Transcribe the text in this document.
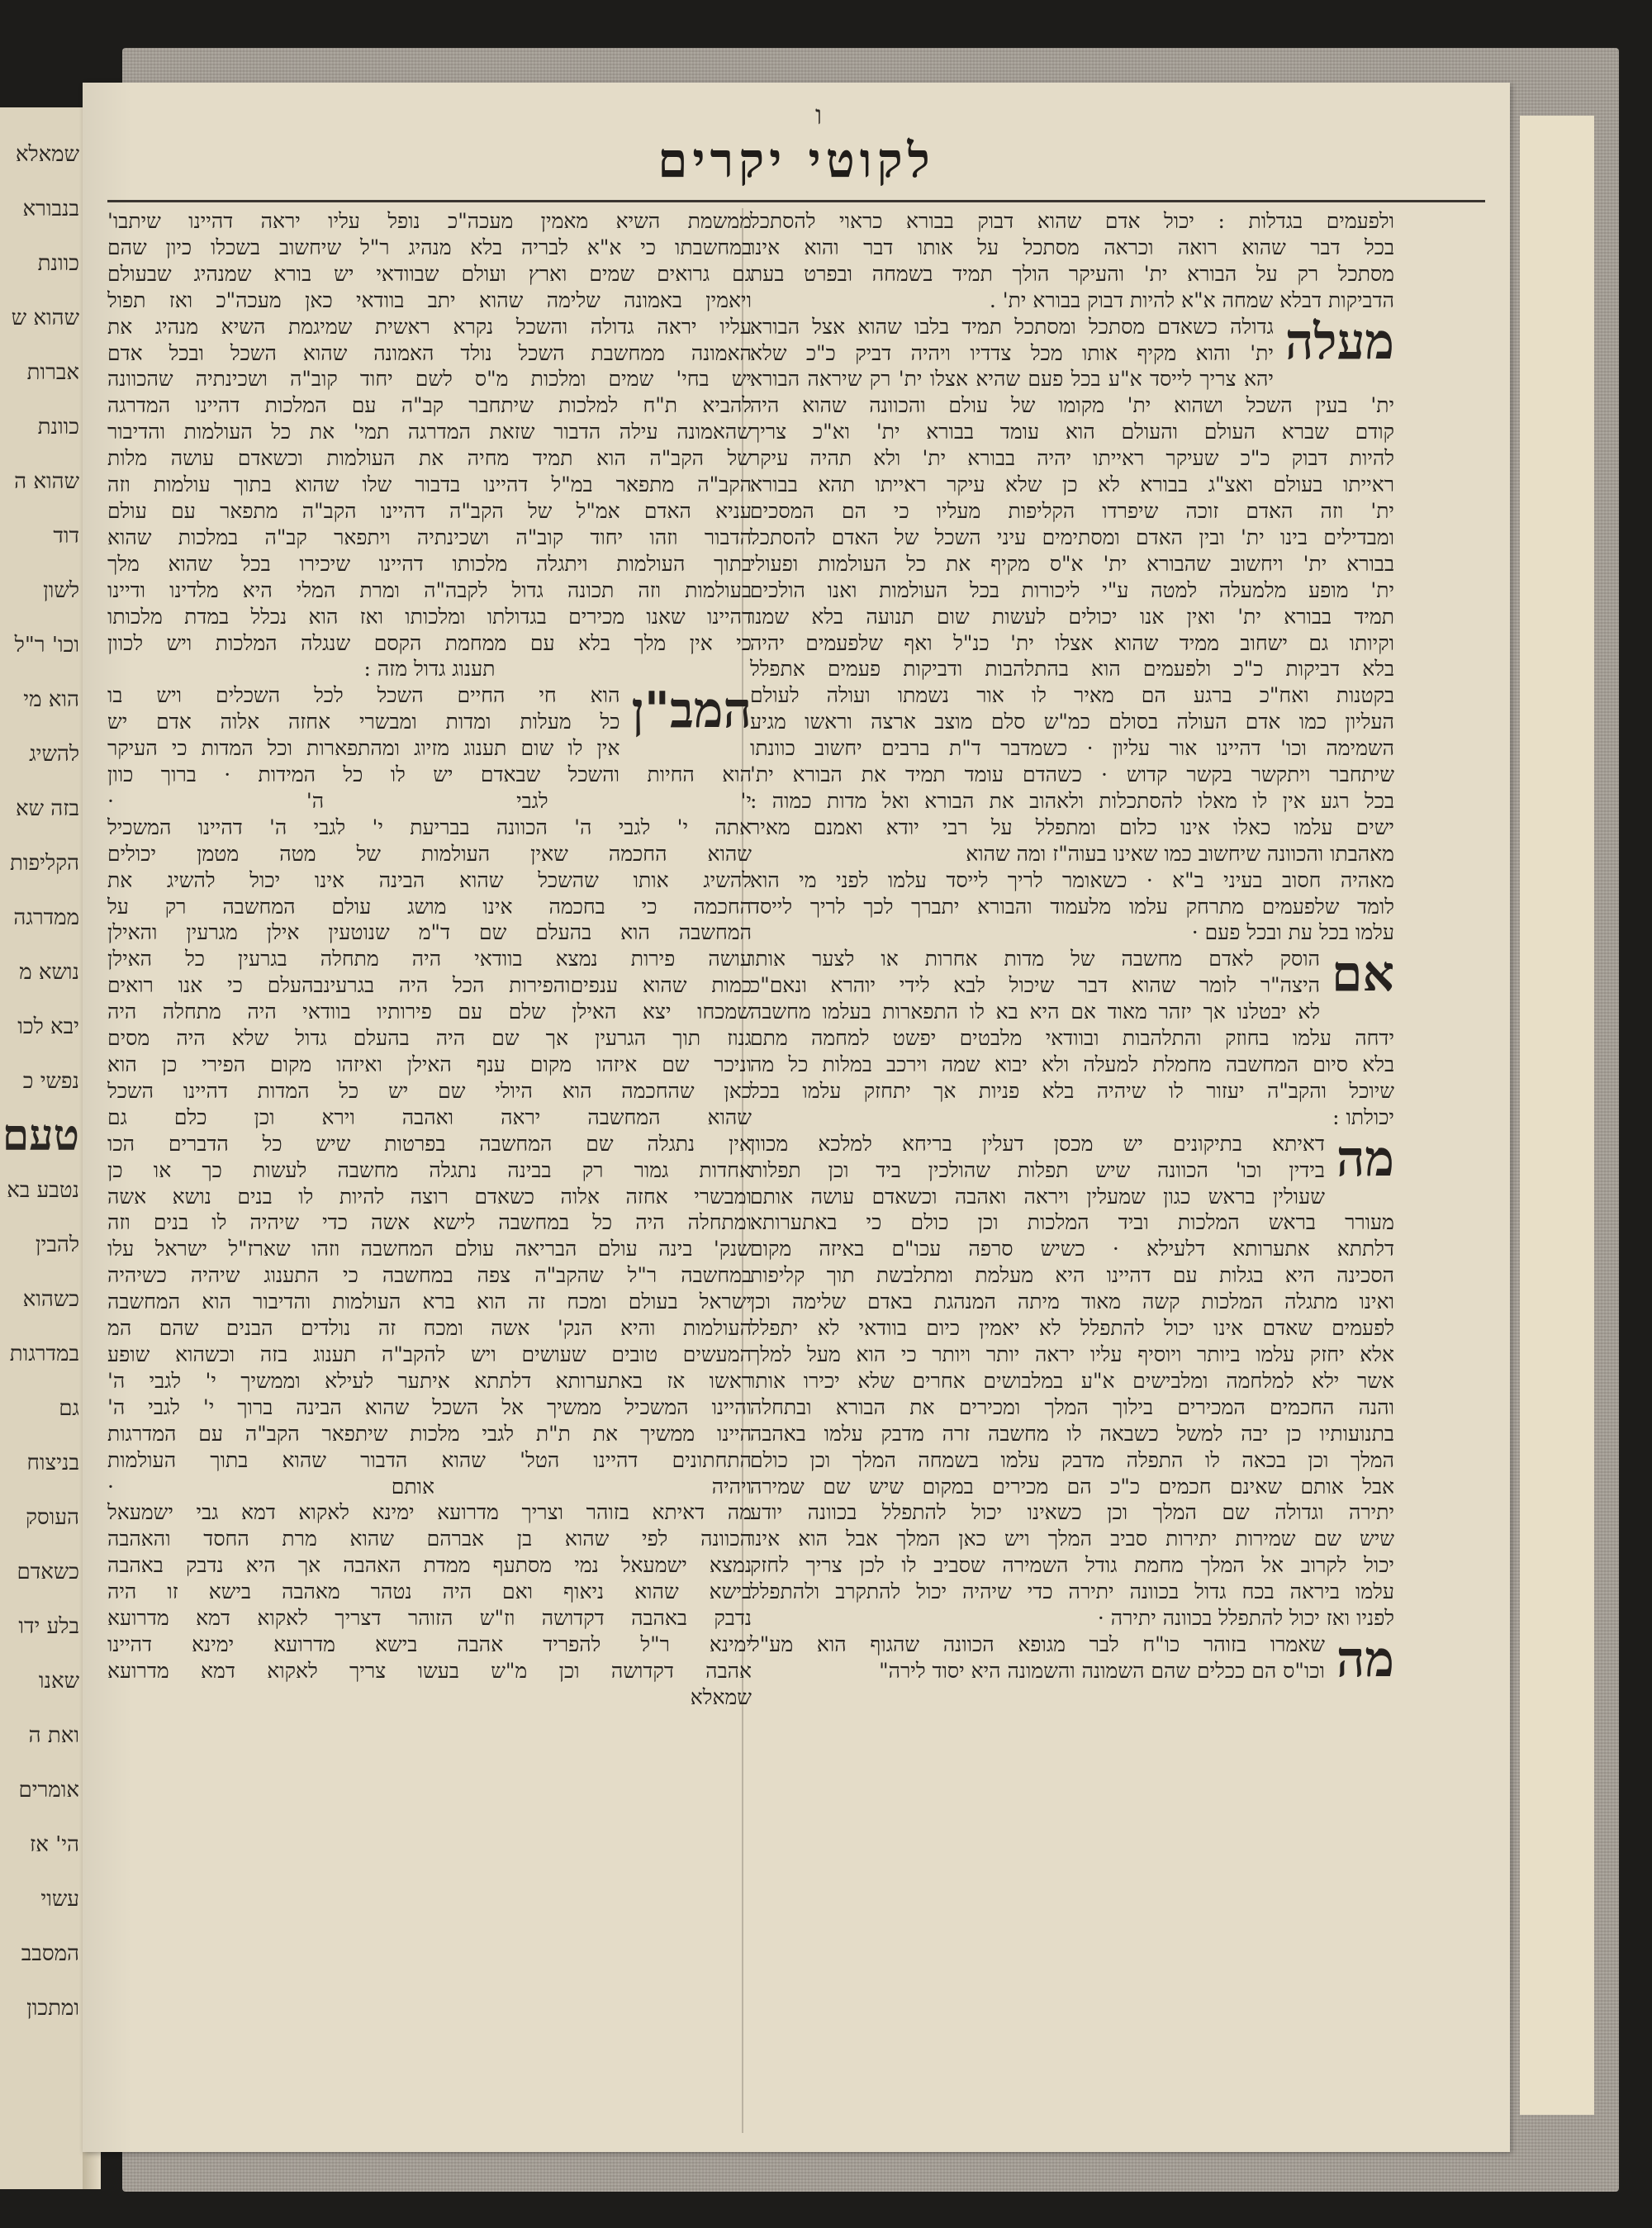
שמאלא
בנבורא
כוונת
שהוא ש
אברות
כוונת
שהוא ה
דוד
לשון
וכו' ר"ל
הוא מי
להשיג
בזה שא
הקליפות
ממדרגה
נושא מ
יבא לכו
נפשי כ
טעם
נטבע בא
להבין
כשהוא
במדרגות
גם
בניצוח
העוסק
כשאדם
בלע ידו
שאנו
ואת ה
אומרים
הי' אז
עשוי
המסבב
ומתכון
ו
לקוטי יקרים
ולפעמים בגדלות : יכול אדם שהוא דבוק בבורא כראוי להסתכל
בכל דבר שהוא רואה וכראה מסתכל על אותו דבר והוא אינו
מסתכל רק על הבורא ית' והעיקר הולך תמיד בשמחה ובפרט בעת
הדביקות דבלא שמחה א"א להיות דבוק בבורא ית' .
מעלה
גדולה כשאדם מסתכל ומסתכל תמיד בלבו שהוא אצל הבורא
ית' והוא מקיף אותו מכל צדדיו ויהיה דביק כ"כ שלא
יהא צריך לייסד א"ע בכל פעם שהיא אצלו ית' רק שיראה הבורא
ית' בעין השכל ושהוא ית' מקומו של עולם והכוונה שהוא היה
קודם שברא העולם והעולם הוא עומד בבורא ית' וא"כ צריך
להיות דבוק כ"כ שעיקר ראייתו יהיה בבורא ית' ולא תהיה עיקר
ראייתו בעולם ואצ"ג בבורא לא כן שלא עיקר ראייתו תהא בבורא
ית' וזה האדם זוכה שיפרדו הקליפות מעליו כי הם המסכים
ומבדילים בינו ית' ובין האדם ומסתימים עיני השכל של האדם להסתכל
בבורא ית' ויחשוב שהבורא ית' א"ס מקיף את כל העולמות ופעולי
ית' מופע מלמעלה למטה ע"י ליכורות בכל העולמות ואנו הולכים
תמיד בבורא ית' ואין אנו יכולים לעשות שום תנועה בלא שמנו
וקיותו גם ישחוב ממיד שהוא אצלו ית' כנ"ל ואף שלפעמים יהיה
בלא דביקות כ"כ ולפעמים הוא בהתלהבות ודביקות פעמים אתפלל
בקטנות ואח"כ ברגע הם מאיר לו אור נשמתו ועולה לעולם
העליון כמו אדם העולה בסולם כמ"ש סלם מוצב ארצה וראשו מגיע
השמימה וכו' דהיינו אור עליון · כשמדבר ד"ת ברבים יחשוב כוונתו
שיתחבר ויתקשר בקשר קדוש · כשהדם עומד תמיד את הבורא ית'
בכל רגע אין לו מאלו להסתכלות ולאהוב את הבורא ואל מדות כמוה :
ישים עלמו כאלו אינו כלום ומתפלל על רבי יודא ואמנם מאיר
מאהבתו והכוונה שיחשוב כמו שאינו בעוה"ז ומה שהוא
מאהיה חסוב בעיני ב"א · כשאומר לריך לייסד עלמו לפני מי הוא
לומד שלפעמים מתרחק עלמו מלעמוד והבורא יתברך לכך לריך לייסד
עלמו בכל עת ובכל פעם ·
אם
הוסק לאדם מחשבה של מדות אחרות או לצער אותו
היצה"ר לומר שהוא דבר שיכול לבא לידי יוהרא ונאם"כ
לא יבטלנו אך יזהר מאוד אם היא בא לו התפארות בעלמו מחשבה
ידחה עלמו בחוזק והתלהבות ובוודאי מלבטים יפשט למחמה מתם
בלא סיום המחשבה מחמלת למעלה ולא יבוא שמה וירכב במלות כל מה
שיוכל והקב"ה יעזור לו שיהיה בלא פניות אך יתחזק עלמו בכל
יכולתו :
מה
דאיתא בתיקונים יש מכסן דעלין בריחא למלכא מכוון
בידין וכו' הכוונה שיש תפלות שהולכין ביד וכן תפלות
שעולין בראש כגון שמעלין ויראה ואהבה וכשאדם עושה אותם
מעורר בראש המלכות וביד המלכות וכן כולם כי באתערותא
דלתתא אתערותא דלעילא · כשיש סרפה עכו"ם באיזה מקום
הסכינה היא בגלות עם דהיינו היא מעלמת ומתלבשת תוך קליפות
ואינו מתגלה המלכות קשה מאוד מיתה המנהגת באדם שלימה וכן
לפעמים שאדם אינו יכול להתפלל לא יאמין כיום בוודאי לא יתפלל
אלא יחזק עלמו ביותר ויוסיף עליו יראה יותר ויותר כי הוא מעל למלך
אשר ילא למלחמה ומלבישים א"ע במלבושים אחרים שלא יכירו אותו
והנה החכמים המכירים בילוך המלך ומכירים את הבורא ובתחלה
בתנועותיו כן יבה למשל כשבאה לו מחשבה זרה מדבק עלמו באהבה
המלך וכן בכאה לו התפלה מדבק עלמו בשמחה המלך וכן כולם
אבל אותם שאינם חכמים כ"כ הם מכירים במקום שיש שם שמירה
יתירה וגדולה שם המלך וכן כשאינו יכול להתפלל בכוונה יודע
שיש שם שמירות יתירות סביב המלך ויש כאן המלך אבל הוא אינו
יכול לקרוב אל המלך מחמת גודל השמירה שסביב לו לכן צריך לחזק
עלמו ביראה בכח גדול בכוונה יתירה כדי שיהיה יכול להתקרב ולהתפלל
לפניו ואז יכול להתפלל בכוונה יתירה ·
מה
שאמרו בזוהר כו"ח לבר מגופא הכוונה שהגוף הוא מע"ל
וכו"ס הם ככלים שהם השמונה והשמונה היא יסוד לירה"
ממשמת השיא מאמין מעכה"כ נופל עליו יראה דהיינו שיתבו'
במחשבתו כי א"א לבריה בלא מנהיג ר"ל שיחשוב בשכלו כיון שהם
גם גרואים שמים וארץ ועולם שבוודאי יש בורא שמנהיג שבעולם
ויאמין באמונה שלימה שהוא יתב בוודאי כאן מעכה"כ ואז תפול
עליו יראה גדולה והשכל נקרא ראשית שמיגמת השיא מנהיג את
האמונה ממחשבת השכל נולד האמונה שהוא השכל ובכל אדם
יש בחי' שמים ומלכות מ"ס לשם יחוד קוב"ה ושכינתיה שהכוונה
להביא ת"ח למלכות שיתחבר קב"ה עם המלכות דהיינו המדרגה
שהאמונה עילה הדבור שזאת המדרגה תמי' את כל העולמות והדיבור
של הקב"ה הוא תמיד מחיה את העולמות וכשאדם עושה מלות
הקב"ה מתפאר במ"ל דהיינו בדבור שלו שהוא בתוך עולמות וזה
עניא האדם אמ"ל של הקב"ה דהיינו הקב"ה מתפאר עם עולם
הדבור וזהו יחוד קוב"ה ושכינתיה ויתפאר קב"ה במלכות שהוא
בתוך העולמות ויתגלה מלכותו דהיינו שיכירו בכל שהוא מלך
בעולמות וזה תכונה גדול לקבה"ה ומרת המלי היא מלדינו ודיינו
דהיינו שאנו מכירים בגדולתו ומלכותו ואז הוא נכלל במדת מלכותו
כי אין מלך בלא עם ממחמת הקסם שנגלה המלכות ויש לכוון
תענוג גדול מזה :
המב"ן
הוא חי החיים השכל לכל השכלים ויש בו
כל מעלות ומדות ומבשרי אחזה אלוה אדם יש
אין לו שום תענוג מזיוג ומהתפארות וכל המדות כי העיקר
הוא החיות והשכל שבאדם יש לו כל המידות · ברוך כוון
י' לגבי ה' ·
אתה י' לגבי ה' הכוונה בבריעת י' לגבי ה' דהיינו המשכיל
שהוא החכמה שאין העולמות של מטה מטמן יכולים
להשיג אותו שהשכל שהוא הבינה אינו יכול להשיג את
החכמה כי בחכמה אינו מושג עולם המחשבה רק על
המחשבה הוא בהעלם שם ד"מ שנוטעין אילן מגרעין והאילן
עושה פירות נמצא בוודאי היה מתחלה בגרעין כל האילן
כמות שהוא ענפיםוהפירות הכל היה בגרעינבהעלם כי אנו רואים
שמכחו יצא האילן שלם עם פירותיו בוודאי היה מתחלה היה
גנוז תוך הגרעין אך שם היה בהעלם גדול שלא היה מסים
וניכר שם איזהו מקום ענף האילן ואיזהו מקום הפירי כן הוא
כאן שהחכמה הוא היולי שם יש כל המדות דהיינו השכל
שהוא המחשבה יראה ואהבה וירא וכן כלם גם
אין נתגלה שם המחשבה בפרטות שיש כל הדברים הכו
אחדות גמור רק בבינה נתגלה מחשבה לעשות כך או כן
ומבשרי אחזה אלוה כשאדם רוצה להיות לו בנים נושא אשה
ומתחלה היה כל במחשבה לישא אשה כדי שיהיה לו בנים וזה
שנק' בינה עולם הבריאה עולם המחשבה וזהו שארז"ל ישראל עלו
במחשבה ר"ל שהקב"ה צפה במחשבה כי התענוג שיהיה כשיהיה
ישראל בעולם ומכח זה הוא ברא העולמות והדיבור הוא המחשבה
העולמות והיא הנק' אשה ומכח זה נולדים הבנים שהם המ
המעשים טובים שעושים ויש להקב"ה תענוג בזה וכשהוא שופע
ראשו אז באתערותא דלתתא איתער לעילא וממשיך י' לגבי ה'
והיינו המשכיל ממשיך אל השכל שהוא הבינה ברוך י' לגבי ה'
היינו ממשיך את ת"ת לגבי מלכות שיתפאר הקב"ה עם המדרגות
התחתונים דהיינו הטל' שהוא הדבור שהוא בתוך העולמות
ויהיה אותם ·
מה דאיתא בזוהר וצריך מדרועא ימינא לאקוא דמא גבי ישמעאל
הכוונה לפי שהוא בן אברהם שהוא מרת החסד והאהבה
נמצא ישמעאל נמי מסתעף ממדת האהבה אך היא נדבק באהבה
בישא שהוא ניאוף ואם היה נטהר מאהבה בישא זו היה
נדבק באהבה דקדושה וז"ש הזוהר דצריך לאקוא דמא מדרועא
ימינא ר"ל להפריד אהבה בישא מדרועא ימינא דהיינו
אהבה דקדושה וכן מ"ש בעשו צריך לאקוא דמא מדרועא
שמאלא
